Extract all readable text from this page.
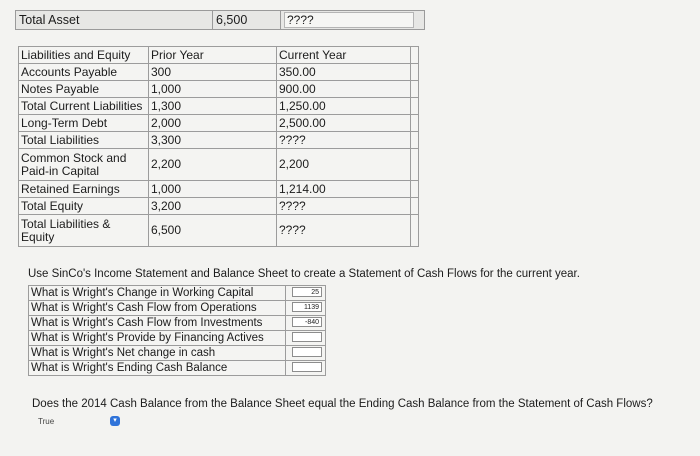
Total Asset	6,500	????
Liabilities and Equity	Prior Year	Current Year	
Accounts Payable	300	350.00	
Notes Payable	1,000	900.00	
Total Current Liabilities	1,300	1,250.00	
Long-Term Debt	2,000	2,500.00	
Total Liabilities	3,300	????	
Common Stock and Paid-in Capital	2,200	2,200	
Retained Earnings	1,000	1,214.00	
Total Equity	3,200	????	
Total Liabilities & Equity	6,500	????	
Use SinCo's Income Statement and Balance Sheet to create a Statement of Cash Flows for the current year.
What is Wright's Change in Working Capital	25
What is Wright's Cash Flow from Operations	1139
What is Wright's Cash Flow from Investments	-840
What is Wright's Provide by Financing Actives	
What is Wright's Net change in cash	
What is Wright's Ending Cash Balance	
Does the 2014 Cash Balance from the Balance Sheet equal the Ending Cash Balance from the Statement of Cash Flows?
True	▾
